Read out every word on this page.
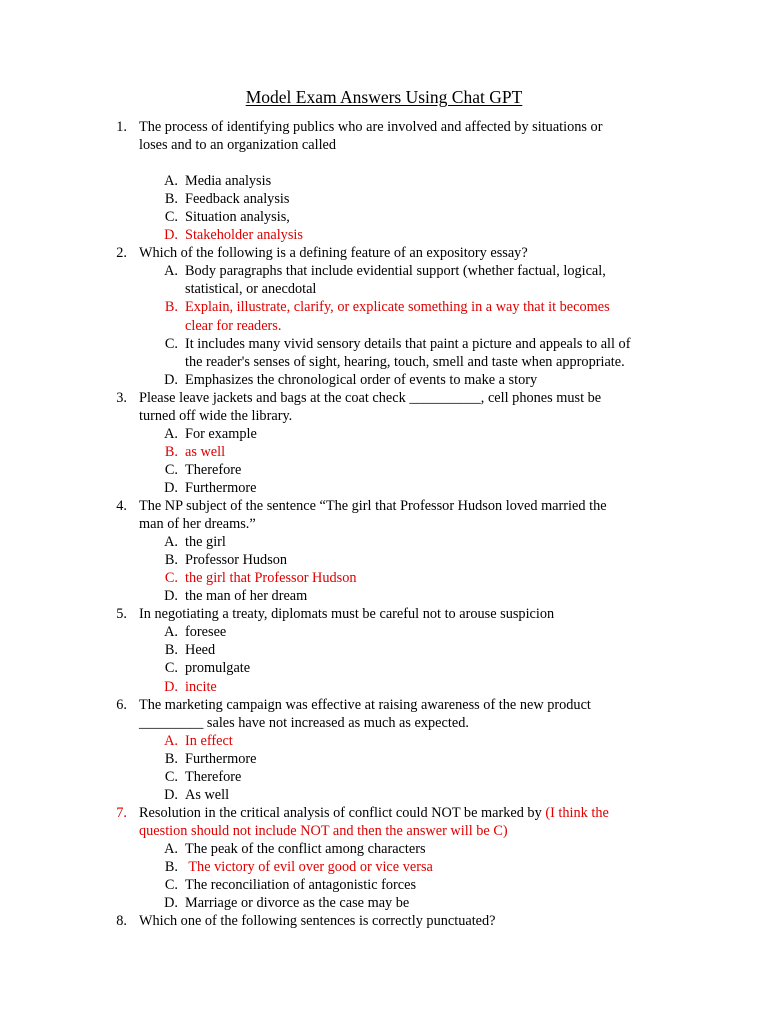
Model Exam Answers Using Chat GPT
1. The process of identifying publics who are involved and affected by situations or
loses and to an organization called
A. Media analysis
B. Feedback analysis
C. Situation analysis,
D. Stakeholder analysis
2. Which of the following is a defining feature of an expository essay?
A. Body paragraphs that include evidential support (whether factual, logical,
statistical, or anecdotal
B. Explain, illustrate, clarify, or explicate something in a way that it becomes
clear for readers.
C. It includes many vivid sensory details that paint a picture and appeals to all of
the reader's senses of sight, hearing, touch, smell and taste when appropriate.
D. Emphasizes the chronological order of events to make a story
3. Please leave jackets and bags at the coat check __________, cell phones must be
turned off wide the library.
A. For example
B. as well
C. Therefore
D. Furthermore
4. The NP subject of the sentence “The girl that Professor Hudson loved married the
man of her dreams.”
A. the girl
B. Professor Hudson
C. the girl that Professor Hudson
D. the man of her dream
5. In negotiating a treaty, diplomats must be careful not to arouse suspicion
A. foresee
B. Heed
C. promulgate
D. incite
6. The marketing campaign was effective at raising awareness of the new product
_________ sales have not increased as much as expected.
A. In effect
B. Furthermore
C. Therefore
D. As well
7. Resolution in the critical analysis of conflict could NOT be marked by (I think the
question should not include NOT and then the answer will be C)
A. The peak of the conflict among characters
B. The victory of evil over good or vice versa
C. The reconciliation of antagonistic forces
D. Marriage or divorce as the case may be
8. Which one of the following sentences is correctly punctuated?
